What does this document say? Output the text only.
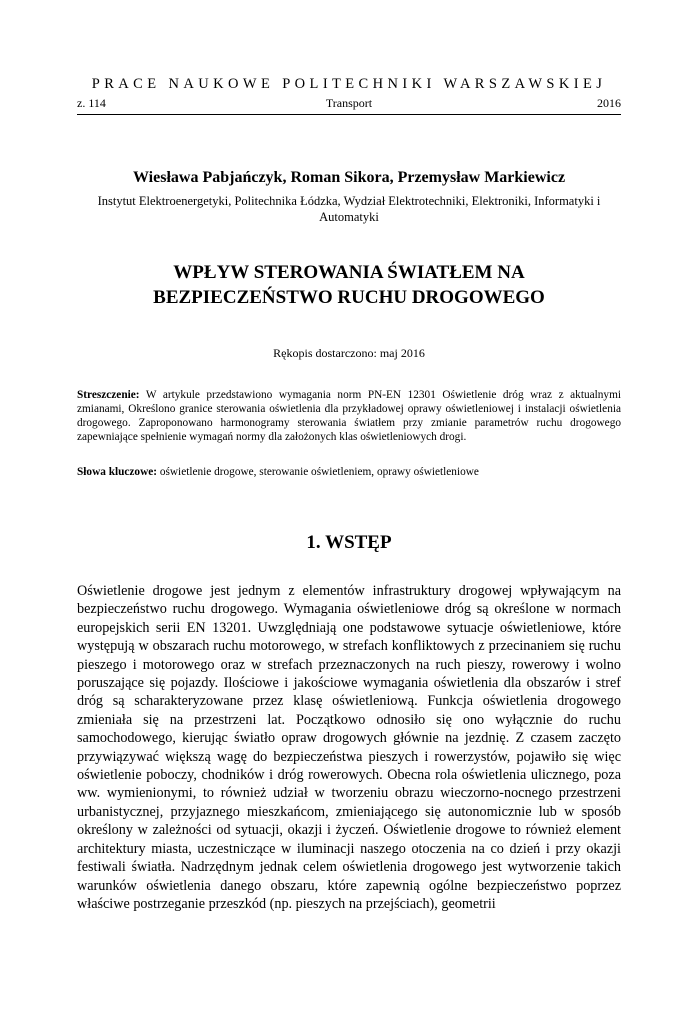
PRACE NAUKOWE POLITECHNIKI WARSZAWSKIEJ
z. 114	Transport	2016
Wiesława Pabjańczyk, Roman Sikora, Przemysław Markiewicz
Instytut Elektroenergetyki, Politechnika Łódzka, Wydział Elektrotechniki, Elektroniki, Informatyki i Automatyki
WPŁYW STEROWANIA ŚWIATŁEM NA
BEZPIECZEŃSTWO RUCHU DROGOWEGO
Rękopis dostarczono: maj 2016
Streszczenie: W artykule przedstawiono wymagania norm PN-EN 12301 Oświetlenie dróg wraz z aktualnymi zmianami, Określono granice sterowania oświetlenia dla przykładowej oprawy oświetleniowej i instalacji oświetlenia drogowego. Zaproponowano harmonogramy sterowania światłem przy zmianie parametrów ruchu drogowego zapewniające spełnienie wymagań normy dla założonych klas oświetleniowych drogi.
Słowa kluczowe: oświetlenie drogowe, sterowanie oświetleniem, oprawy oświetleniowe
1. WSTĘP
Oświetlenie drogowe jest jednym z elementów infrastruktury drogowej wpływającym na bezpieczeństwo ruchu drogowego. Wymagania oświetleniowe dróg są określone w normach europejskich serii EN 13201. Uwzględniają one podstawowe sytuacje oświetleniowe, które występują w obszarach ruchu motorowego, w strefach konfliktowych z przecinaniem się ruchu pieszego i motorowego oraz w strefach przeznaczonych na ruch pieszy, rowerowy i wolno poruszające się pojazdy. Ilościowe i jakościowe wymagania oświetlenia dla obszarów i stref dróg są scharakteryzowane przez klasę oświetleniową. Funkcja oświetlenia drogowego zmieniała się na przestrzeni lat. Początkowo odnosiło się ono wyłącznie do ruchu samochodowego, kierując światło opraw drogowych głównie na jezdnię. Z czasem zaczęto przywiązywać większą wagę do bezpieczeństwa pieszych i rowerzystów, pojawiło się więc oświetlenie poboczy, chodników i dróg rowerowych. Obecna rola oświetlenia ulicznego, poza ww. wymienionymi, to również udział w tworzeniu obrazu wieczorno-nocnego przestrzeni urbanistycznej, przyjaznego mieszkańcom, zmieniającego się autonomicznie lub w sposób określony w zależności od sytuacji, okazji i życzeń. Oświetlenie drogowe to również element architektury miasta, uczestniczące w iluminacji naszego otoczenia na co dzień i przy okazji festiwali światła. Nadrzędnym jednak celem oświetlenia drogowego jest wytworzenie takich warunków oświetlenia danego obszaru, które zapewnią ogólne bezpieczeństwo poprzez właściwe postrzeganie przeszkód (np. pieszych na przejściach), geometrii
